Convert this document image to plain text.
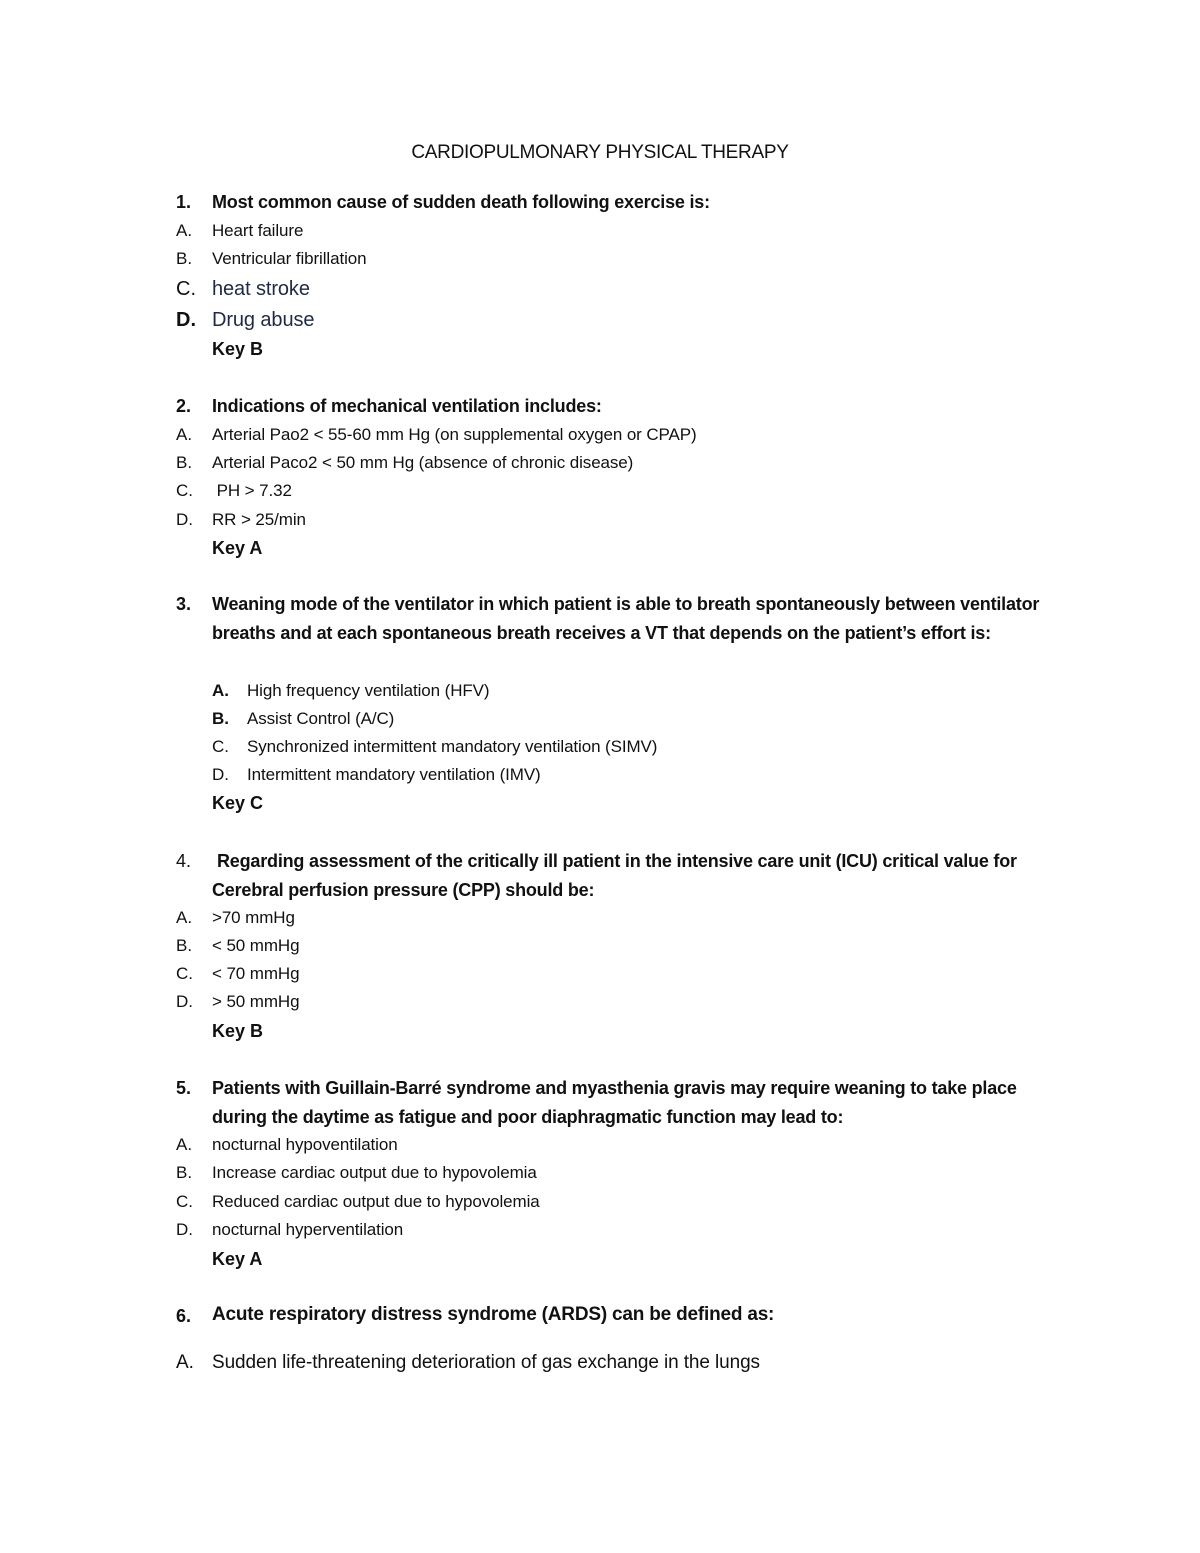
CARDIOPULMONARY PHYSICAL THERAPY
1. Most common cause of sudden death following exercise is:
A. Heart failure
B. Ventricular fibrillation
C. heat stroke
D. Drug abuse
Key B
2. Indications of mechanical ventilation includes:
A. Arterial Pao2 < 55-60 mm Hg (on supplemental oxygen or CPAP)
B. Arterial Paco2 < 50 mm Hg (absence of chronic disease)
C. PH > 7.32
D. RR > 25/min
Key A
3. Weaning mode of the ventilator in which patient is able to breath spontaneously between ventilator breaths and at each spontaneous breath receives a VT that depends on the patient’s effort is:
A. High frequency ventilation (HFV)
B. Assist Control (A/C)
C. Synchronized intermittent mandatory ventilation (SIMV)
D. Intermittent mandatory ventilation (IMV)
Key C
4. Regarding assessment of the critically ill patient in the intensive care unit (ICU) critical value for Cerebral perfusion pressure (CPP) should be:
A. >70 mmHg
B. < 50 mmHg
C. < 70 mmHg
D. > 50 mmHg
Key B
5. Patients with Guillain-Barré syndrome and myasthenia gravis may require weaning to take place during the daytime as fatigue and poor diaphragmatic function may lead to:
A. nocturnal hypoventilation
B. Increase cardiac output due to hypovolemia
C. Reduced cardiac output due to hypovolemia
D. nocturnal hyperventilation
Key A
6. Acute respiratory distress syndrome (ARDS) can be defined as:
A. Sudden life-threatening deterioration of gas exchange in the lungs
